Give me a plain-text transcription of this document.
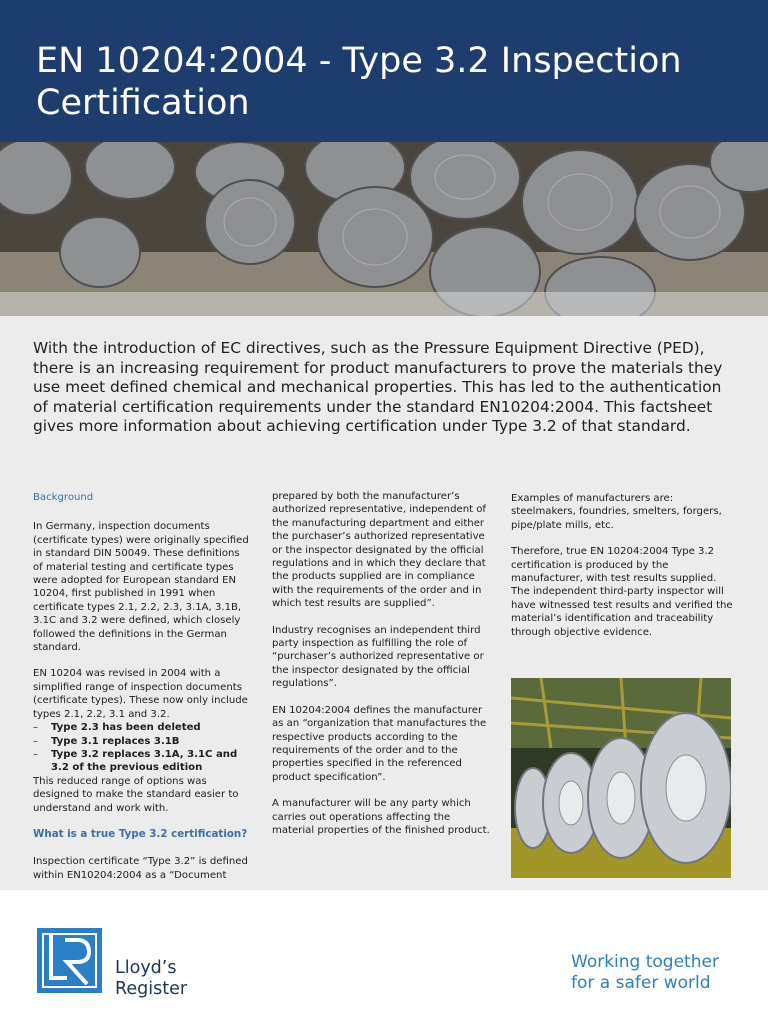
EN 10204:2004 - Type 3.2 Inspection Certification

With the introduction of EC directives, such as the Pressure Equipment Directive (PED), there is an increasing requirement for product manufacturers to prove the materials they use meet defined chemical and mechanical properties. This has led to the authentication of material certification requirements under the standard EN10204:2004. This factsheet gives more information about achieving certification under Type 3.2 of that standard.

Background

In Germany, inspection documents (certificate types) were originally specified in standard DIN 50049. These definitions of material testing and certificate types were adopted for European standard EN 10204, first published in 1991 when certificate types 2.1, 2.2, 2.3, 3.1A, 3.1B, 3.1C and 3.2 were defined, which closely followed the definitions in the German standard.

EN 10204 was revised in 2004 with a simplified range of inspection documents (certificate types). These now only include types 2.1, 2.2, 3.1 and 3.2.

– Type 2.3 has been deleted
– Type 3.1 replaces 3.1B
– Type 3.2 replaces 3.1A, 3.1C and 3.2 of the previous edition

This reduced range of options was designed to make the standard easier to understand and work with.

What is a true Type 3.2 certification?

Inspection certificate “Type 3.2” is defined within EN10204:2004 as a “Document

prepared by both the manufacturer’s authorized representative, independent of the manufacturing department and either the purchaser’s authorized representative or the inspector designated by the official regulations and in which they declare that the products supplied are in compliance with the requirements of the order and in which test results are supplied”.

Industry recognises an independent third party inspection as fulfilling the role of “purchaser’s authorized representative or the inspector designated by the official regulations”.

EN 10204:2004 defines the manufacturer as an “organization that manufactures the respective products according to the requirements of the order and to the properties specified in the referenced product specification”.

A manufacturer will be any party which carries out operations affecting the material properties of the finished product.

Examples of manufacturers are: steelmakers, foundries, smelters, forgers, pipe/plate mills, etc.

Therefore, true EN 10204:2004 Type 3.2 certification is produced by the manufacturer, with test results supplied. The independent third-party inspector will have witnessed test results and verified the material’s identification and traceability through objective evidence.

Lloyd’s
Register
Working together
for a safer world
